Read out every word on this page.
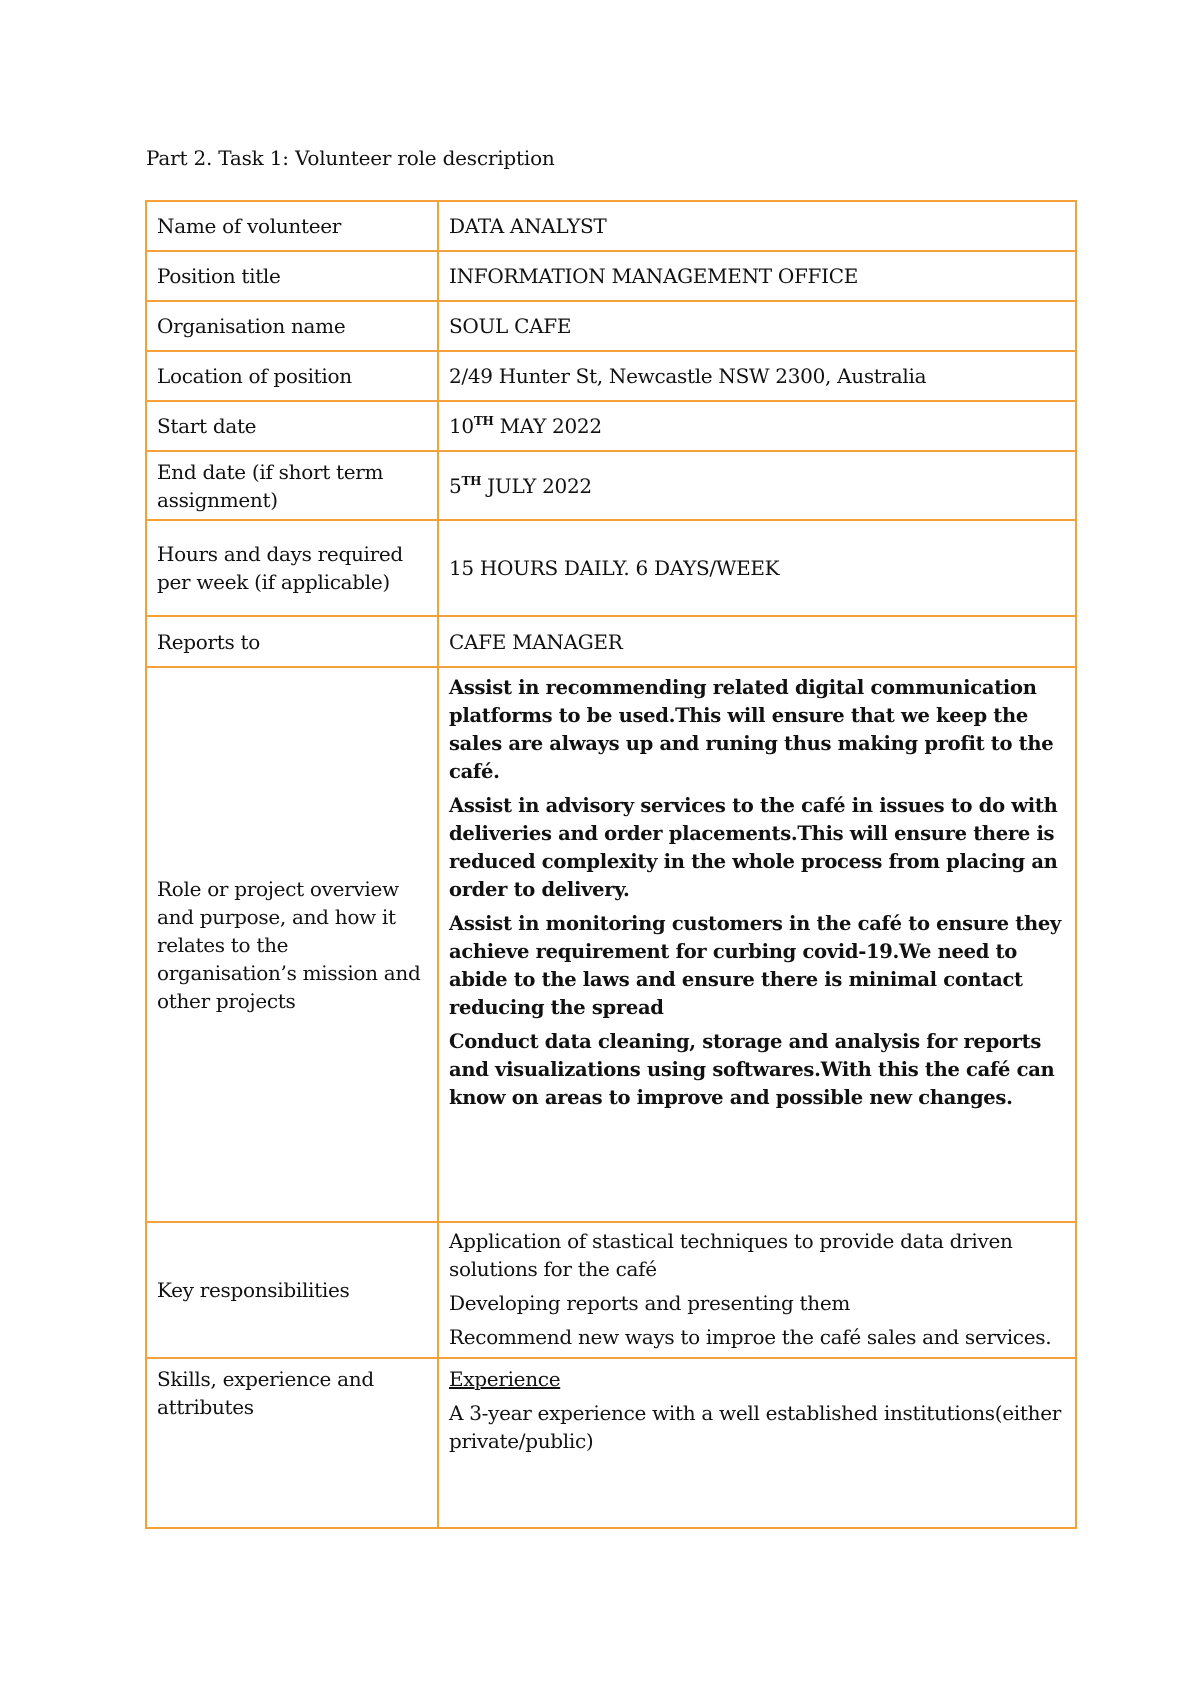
Part 2. Task 1: Volunteer role description
Name of volunteer	DATA ANALYST
Position title	INFORMATION MANAGEMENT OFFICE
Organisation name	SOUL CAFE
Location of position	2/49 Hunter St, Newcastle NSW 2300, Australia
Start date	10TH MAY 2022
End date (if short term assignment)	5TH JULY 2022
Hours and days required per week (if applicable)	15 HOURS DAILY. 6 DAYS/WEEK
Reports to	CAFE MANAGER
Role or project overview and purpose, and how it relates to the organisation’s mission and other projects	Assist in recommending related digital communication platforms to be used.This will ensure that we keep the sales are always up and runing thus making profit to the café.

Assist in advisory services to the café in issues to do with deliveries and order placements.This will ensure there is reduced complexity in the whole process from placing an order to delivery.

Assist in monitoring customers in the café to ensure they achieve requirement for curbing covid-19.We need to abide to the laws and ensure there is minimal contact reducing the spread

Conduct data cleaning, storage and analysis for reports and visualizations using softwares.With this the café can know on areas to improve and possible new changes.

Key responsibilities	Application of stastical techniques to provide data driven solutions for the café

Developing reports and presenting them

Recommend new ways to improe the café sales and services.

Skills, experience and attributes	Experience

A 3-year experience with a well established institutions(either private/public)
